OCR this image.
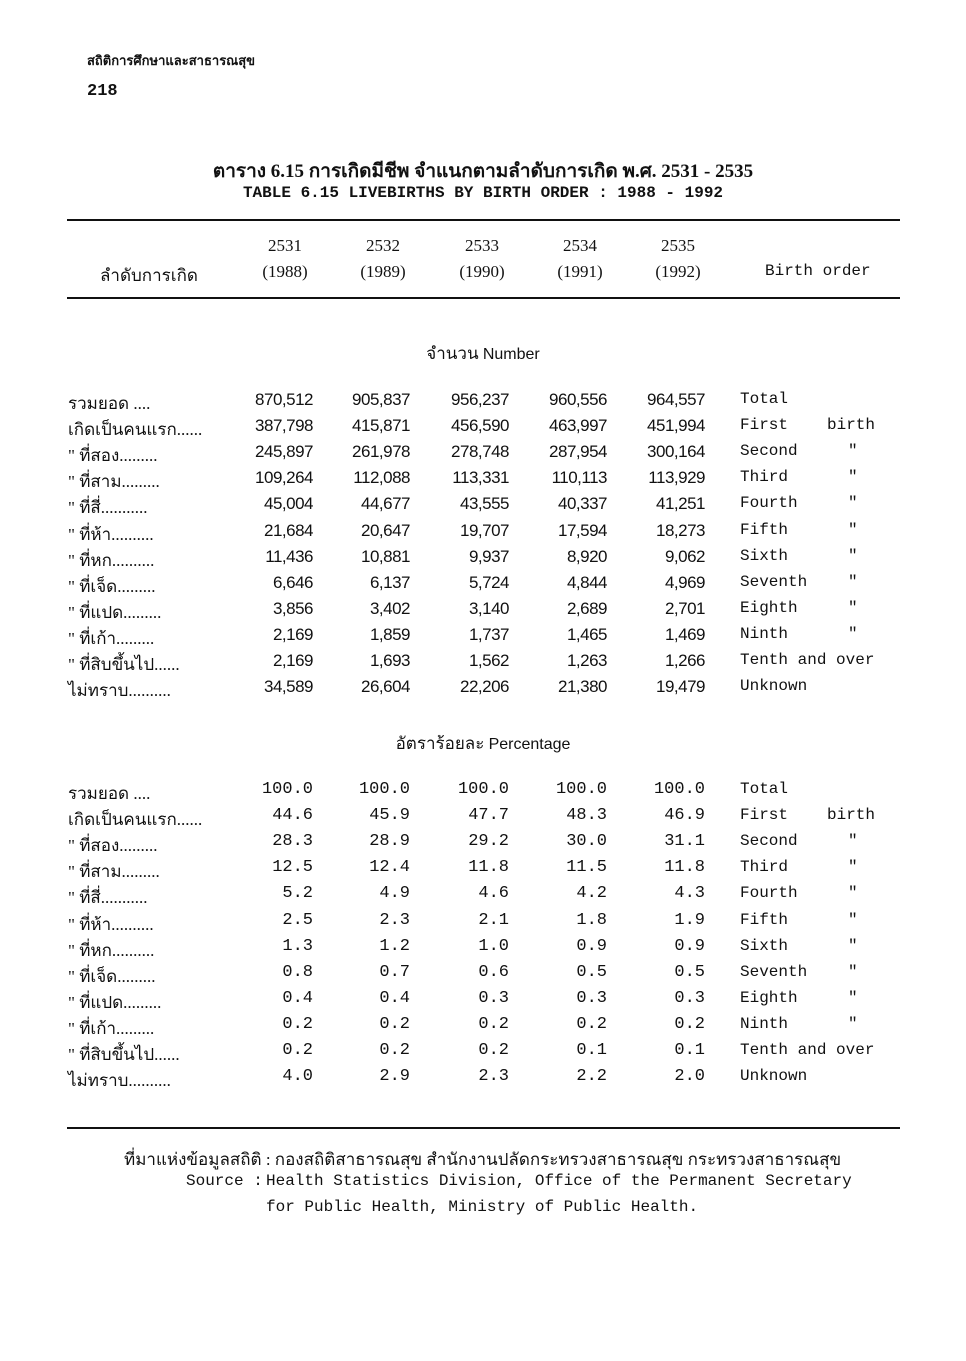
สถิติการศึกษาและสาธารณสุข
218
ตาราง 6.15 การเกิดมีชีพ จำแนกตามลำดับการเกิด พ.ศ. 2531 - 2535
TABLE 6.15 LIVEBIRTHS BY BIRTH ORDER : 1988 - 1992
2531	2532	2533	2534	2535
(1988)	(1989)	(1990)	(1991)	(1992)
ลำดับการเกิด	Birth order
จำนวน Number
รวมยอด ....	870,512	905,837	956,237	960,556	964,557 Total
เกิดเป็นคนแรก......	387,798	415,871	456,590	463,997	451,994 First birth
" ที่สอง.........	245,897	261,978	278,748	287,954	300,164 Second	"
" ที่สาม.........	109,264	112,088	113,331	110,113	113,929 Third	"
" ที่สี่...........	45,004	44,677	43,555	40,337	41,251 Fourth	"
" ที่ห้า..........	21,684	20,647	19,707	17,594	18,273 Fifth	"
" ที่หก..........	11,436	10,881	9,937	8,920	9,062 Sixth	"
" ที่เจ็ด.........	6,646	6,137	5,724	4,844	4,969 Seventh	"
" ที่แปด.........	3,856	3,402	3,140	2,689	2,701 Eighth	"
" ที่เก้า.........	2,169	1,859	1,737	1,465	1,469 Ninth	"
" ที่สิบขึ้นไป......	2,169	1,693	1,562	1,263	1,266 Tenth and over
ไม่ทราบ..........	34,589	26,604	22,206	21,380	19,479 Unknown
อัตราร้อยละ Percentage
รวมยอด ....	100.0	100.0	100.0	100.0	100.0 Total
เกิดเป็นคนแรก......	44.6	45.9	47.7	48.3	46.9 First birth
" ที่สอง.........	28.3	28.9	29.2	30.0	31.1 Second	"
" ที่สาม.........	12.5	12.4	11.8	11.5	11.8 Third	"
" ที่สี่...........	5.2	4.9	4.6	4.2	4.3 Fourth	"
" ที่ห้า..........	2.5	2.3	2.1	1.8	1.9 Fifth	"
" ที่หก..........	1.3	1.2	1.0	0.9	0.9 Sixth	"
" ที่เจ็ด.........	0.8	0.7	0.6	0.5	0.5 Seventh	"
" ที่แปด.........	0.4	0.4	0.3	0.3	0.3 Eighth	"
" ที่เก้า.........	0.2	0.2	0.2	0.2	0.2 Ninth	"
" ที่สิบขึ้นไป......	0.2	0.2	0.2	0.1	0.1 Tenth and over
ไม่ทราบ..........	4.0	2.9	2.3	2.2	2.0 Unknown
ที่มาแห่งข้อมูลสถิติ : กองสถิติสาธารณสุข สำนักงานปลัดกระทรวงสาธารณสุข กระทรวงสาธารณสุข
Source : Health Statistics Division, Office of the Permanent Secretary
for Public Health, Ministry of Public Health.
